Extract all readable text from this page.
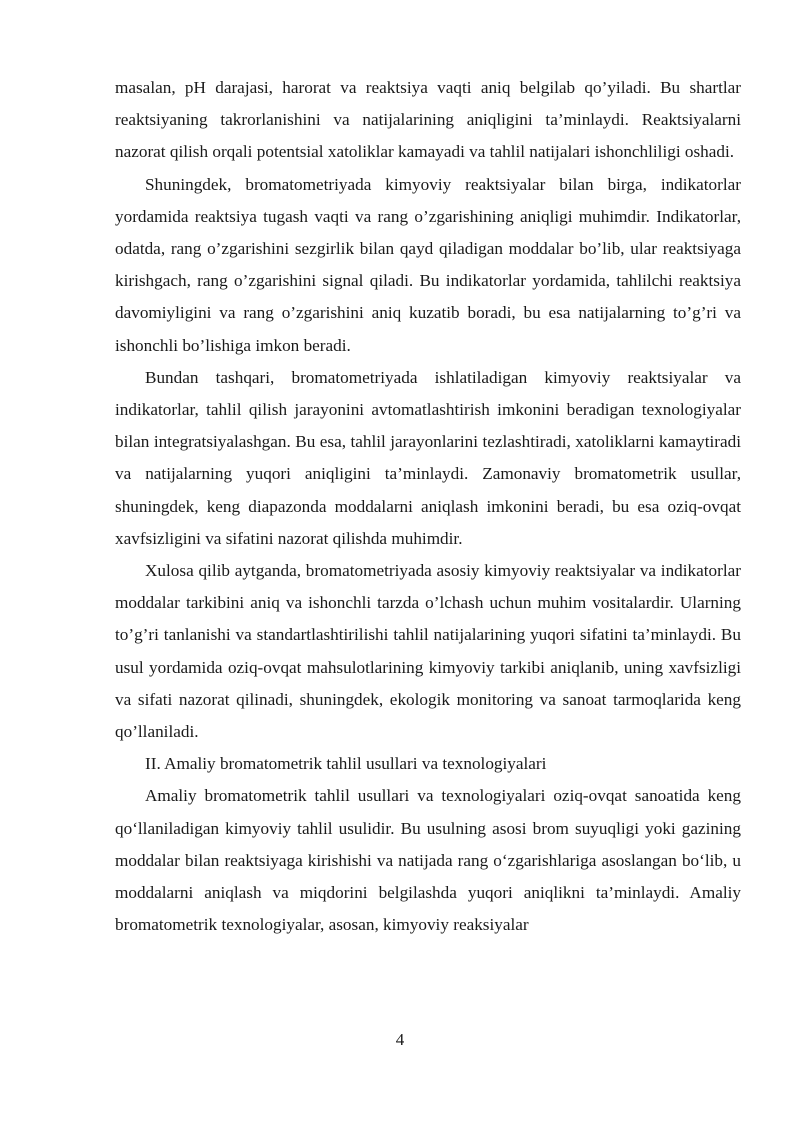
masalan, pH darajasi, harorat va reaktsiya vaqti aniq belgilab qo’yiladi. Bu shartlar reaktsiyaning takrorlanishini va natijalarining aniqligini ta’minlaydi. Reaktsiyalarni nazorat qilish orqali potentsial xatoliklar kamayadi va tahlil natijalari ishonchliligi oshadi.

Shuningdek, bromatometriyada kimyoviy reaktsiyalar bilan birga, indikatorlar yordamida reaktsiya tugash vaqti va rang o’zgarishining aniqligi muhimdir. Indikatorlar, odatda, rang o’zgarishini sezgirlik bilan qayd qiladigan moddalar bo’lib, ular reaktsiyaga kirishgach, rang o’zgarishini signal qiladi. Bu indikatorlar yordamida, tahlilchi reaktsiya davomiyligini va rang o’zgarishini aniq kuzatib boradi, bu esa natijalarning to’g’ri va ishonchli bo’lishiga imkon beradi.

Bundan tashqari, bromatometriyada ishlatiladigan kimyoviy reaktsiyalar va indikatorlar, tahlil qilish jarayonini avtomatlashtirish imkonini beradigan texnologiyalar bilan integratsiyalashgan. Bu esa, tahlil jarayonlarini tezlashtiradi, xatoliklarni kamaytiradi va natijalarning yuqori aniqligini ta’minlaydi. Zamonaviy bromatometrik usullar, shuningdek, keng diapazonda moddalarni aniqlash imkonini beradi, bu esa oziq-ovqat xavfsizligini va sifatini nazorat qilishda muhimdir.

Xulosa qilib aytganda, bromatometriyada asosiy kimyoviy reaktsiyalar va indikatorlar moddalar tarkibini aniq va ishonchli tarzda o’lchash uchun muhim vositalardir. Ularning to’g’ri tanlanishi va standartlashtirilishi tahlil natijalarining yuqori sifatini ta’minlaydi. Bu usul yordamida oziq-ovqat mahsulotlarining kimyoviy tarkibi aniqlanib, uning xavfsizligi va sifati nazorat qilinadi, shuningdek, ekologik monitoring va sanoat tarmoqlarida keng qo’llaniladi.

II. Amaliy bromatometrik tahlil usullari va texnologiyalari

Amaliy bromatometrik tahlil usullari va texnologiyalari oziq-ovqat sanoatida keng qo‘llaniladigan kimyoviy tahlil usulidir. Bu usulning asosi brom suyuqligi yoki gazining moddalar bilan reaktsiyaga kirishishi va natijada rang o‘zgarishlariga asoslangan bo‘lib, u moddalarni aniqlash va miqdorini belgilashda yuqori aniqlikni ta’minlaydi. Amaliy bromatometrik texnologiyalar, asosan, kimyoviy reaksiyalar

4
